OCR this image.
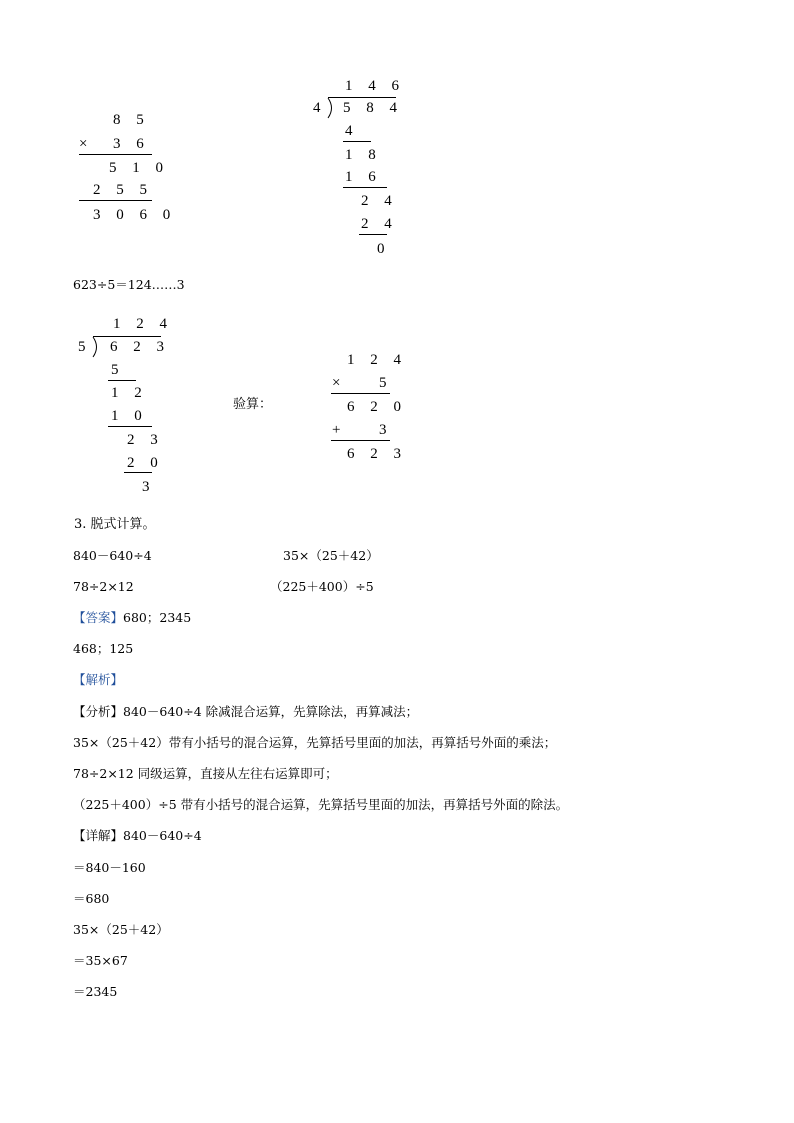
8 5
× 3 6
5 1 0
2 5 5
3 0 6 0
1 4 6
4 5 8 4
4
1 8
1 6
2 4
2 4
0
623÷5＝124……3
1 2 4
5 6 2 3
5
1 2
1 0
2 3
2 0
3
验算：
1 2 4
× 5
6 2 0
+ 3
6 2 3
3. 脱式计算。
840－640÷4	35×（25＋42）
78÷2×12	（225＋400）÷5
【答案】680；2345
468；125
【解析】
【分析】840－640÷4 除减混合运算，先算除法，再算减法；
35×（25＋42）带有小括号的混合运算，先算括号里面的加法，再算括号外面的乘法；
78÷2×12 同级运算，直接从左往右运算即可；
（225＋400）÷5 带有小括号的混合运算，先算括号里面的加法，再算括号外面的除法。
【详解】840－640÷4
＝840－160
＝680
35×（25＋42）
＝35×67
＝2345
